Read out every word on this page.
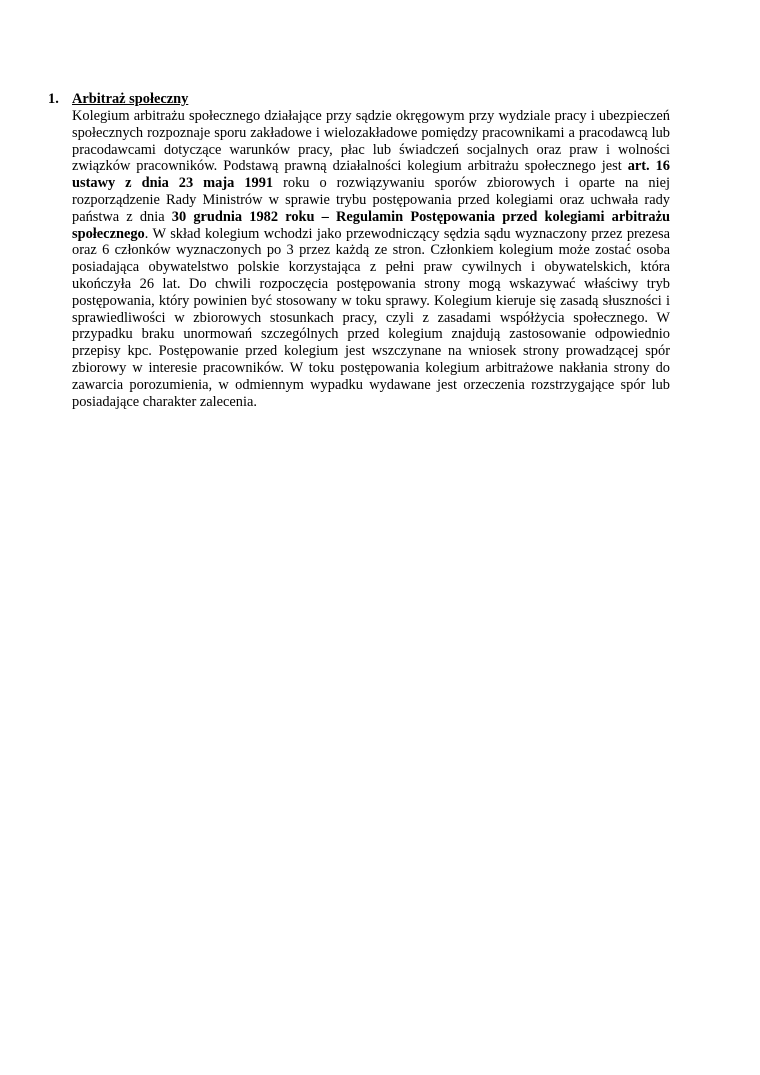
1. Arbitraż społeczny

Kolegium arbitrażu społecznego działające przy sądzie okręgowym przy wydziale pracy i ubezpieczeń społecznych rozpoznaje sporu zakładowe i wielozakładowe pomiędzy pracownikami a pracodawcą lub pracodawcami dotyczące warunków pracy, płac lub świadczeń socjalnych oraz praw i wolności związków pracowników. Podstawą prawną działalności kolegium arbitrażu społecznego jest art. 16 ustawy z dnia 23 maja 1991 roku o rozwiązywaniu sporów zbiorowych i oparte na niej rozporządzenie Rady Ministrów w sprawie trybu postępowania przed kolegiami oraz uchwała rady państwa z dnia 30 grudnia 1982 roku – Regulamin Postępowania przed kolegiami arbitrażu społecznego. W skład kolegium wchodzi jako przewodniczący sędzia sądu wyznaczony przez prezesa oraz 6 członków wyznaczonych po 3 przez każdą ze stron. Członkiem kolegium może zostać osoba posiadająca obywatelstwo polskie korzystająca z pełni praw cywilnych i obywatelskich, która ukończyła 26 lat. Do chwili rozpoczęcia postępowania strony mogą wskazywać właściwy tryb postępowania, który powinien być stosowany w toku sprawy. Kolegium kieruje się zasadą słuszności i sprawiedliwości w zbiorowych stosunkach pracy, czyli z zasadami współżycia społecznego. W przypadku braku unormowań szczególnych przed kolegium znajdują zastosowanie odpowiednio przepisy kpc. Postępowanie przed kolegium jest wszczynane na wniosek strony prowadzącej spór zbiorowy w interesie pracowników. W toku postępowania kolegium arbitrażowe nakłania strony do zawarcia porozumienia, w odmiennym wypadku wydawane jest orzeczenia rozstrzygające spór lub posiadające charakter zalecenia.
